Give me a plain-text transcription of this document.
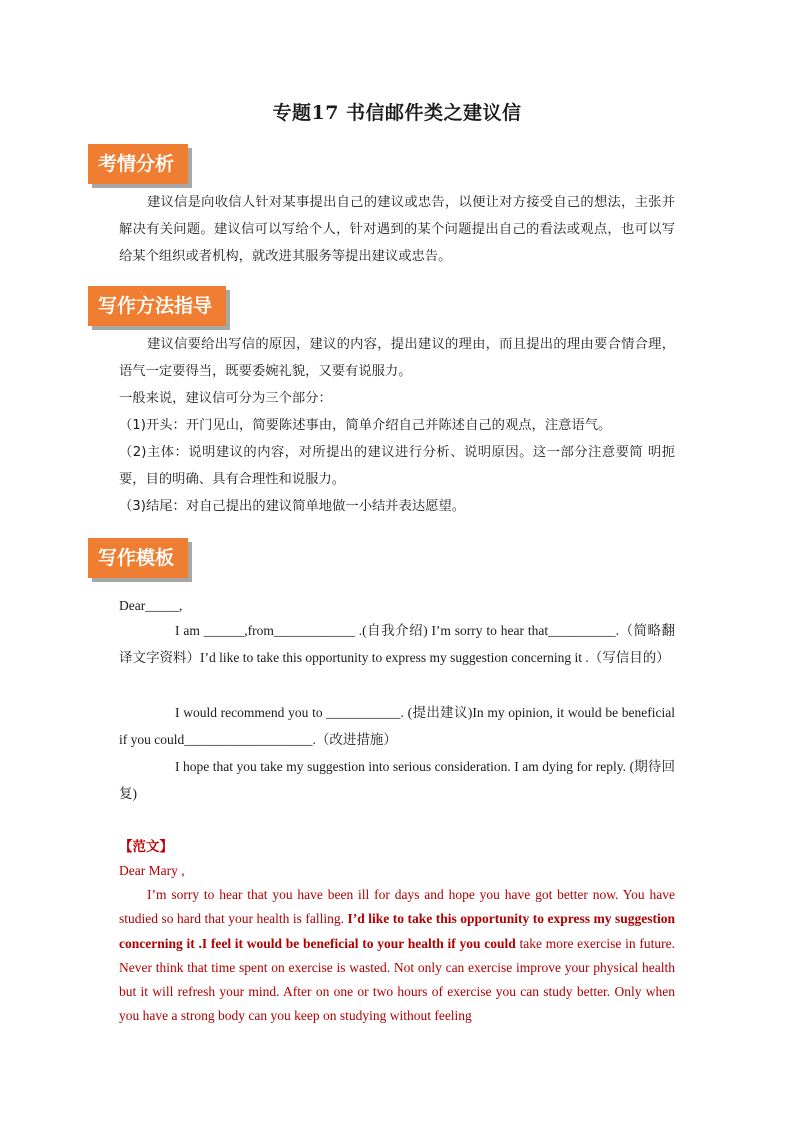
专题17 书信邮件类之建议信
考情分析
建议信是向收信人针对某事提出自己的建议或忠告，以便让对方接受自己的想法，主张并解决有关问题。建议信可以写给个人，针对遇到的某个问题提出自己的看法或观点，也可以写给某个组织或者机构，就改进其服务等提出建议或忠告。
写作方法指导
建议信要给出写信的原因，建议的内容，提出建议的理由，而且提出的理由要合情合理，语气一定要得当，既要委婉礼貌，又要有说服力。
一般来说，建议信可分为三个部分：
（1)开头：开门见山，简要陈述事由，简单介绍自己并陈述自己的观点，注意语气。
（2)主体：说明建议的内容，对所提出的建议进行分析、说明原因。这一部分注意要简 明扼要，目的明确、具有合理性和说服力。
（3)结尾：对自己提出的建议简单地做一小结并表达愿望。
写作模板
Dear_____,
I am ______,from____________ .(自我介绍) I’m sorry to hear that__________.（简略翻译文字资料）I’d like to take this opportunity to express my suggestion concerning it .（写信目的）
I would recommend you to ___________. (提出建议)In my opinion, it would be beneficial if you could___________________.（改进措施）
I hope that you take my suggestion into serious consideration. I am dying for reply. (期待回复)
【范文】
Dear Mary ,
I’m sorry to hear that you have been ill for days and hope you have got better now. You have studied so hard that your health is falling. I’d like to take this opportunity to express my suggestion concerning it .I feel it would be beneficial to your health if you could take more exercise in future. Never think that time spent on exercise is wasted. Not only can exercise improve your physical health but it will refresh your mind. After on one or two hours of exercise you can study better. Only when you have a strong body can you keep on studying without feeling
